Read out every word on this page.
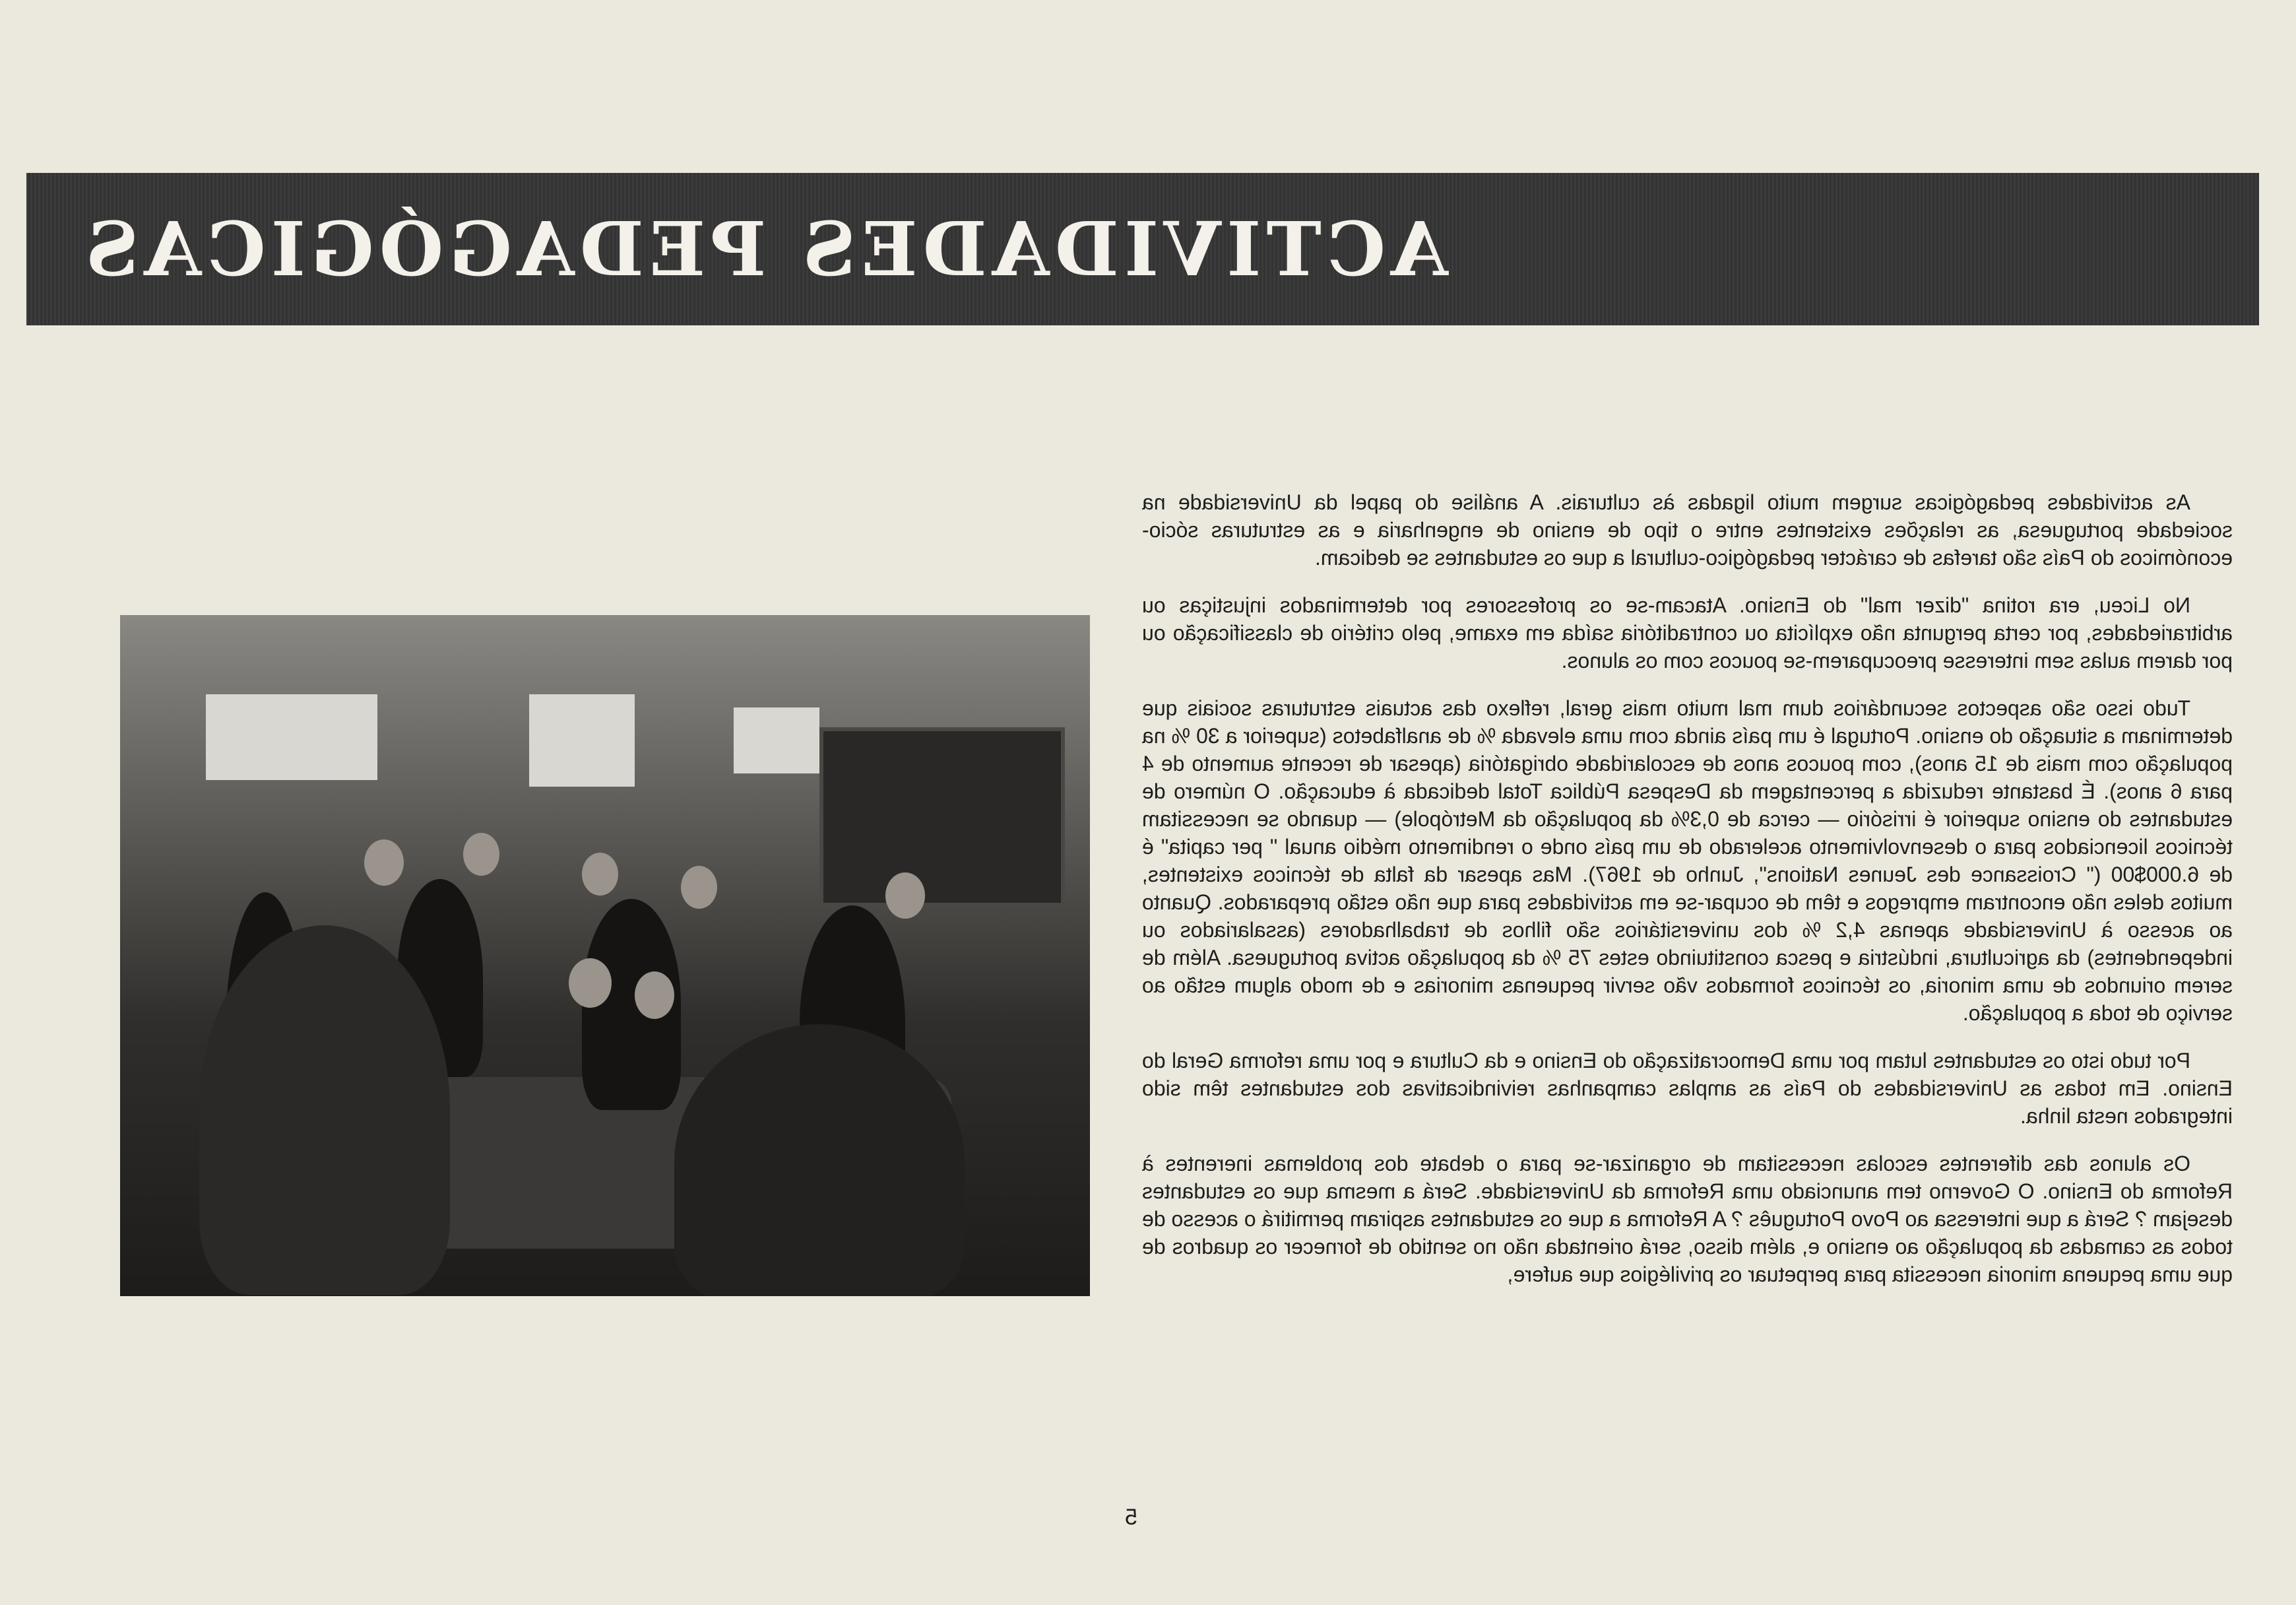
ACTIVIDADES PEDAGÓGICAS

As actividades pedagógicas surgem muito ligadas às culturais. A análise do papel da Universidade na sociedade portuguesa, as relações existentes entre o tipo de ensino de engenharia e as estruturas sócio-económicos do País são tarefas de carácter pedagógico-cultural a que os estudantes se dedicam.

No Liceu, era rotina "dizer mal" do Ensino. Atacam-se os professores por determinados injustiças ou arbitrariedades, por certa pergunta não explícita ou contraditória saída em exame, pelo critério de classificação ou por darem aulas sem interesse preocuparem-se poucos com os alunos.

Tudo isso são aspectos secundários dum mal muito mais geral, reflexo das actuais estruturas sociais que determinam a situação do ensino. Portugal é um país ainda com uma elevada % de analfabetos (superior a 30 % na população com mais de 15 anos), com poucos anos de escolaridade obrigatória (apesar de recente aumento de 4 para 6 anos). É bastante reduzida a percentagem da Despesa Pública Total dedicada à educação. O número de estudantes do ensino superior é irrisório — cerca de 0,3% da população da Metrópole) — quando se necessitam técnicos licenciados para o desenvolvimento acelerado de um país onde o rendimento médio anual " per capita" é de 6.000$00 (" Croissance des Jeunes Nations", Junho de 1967). Mas apesar da falta de técnicos existentes, muitos deles não encontram empregos e têm de ocupar-se em actividades para que não estão preparados. Quanto ao acesso à Universidade apenas 4,2 % dos universitários são filhos de trabalhadores (assalariados ou independentes) da agricultura, indústria e pesca constituindo estes 75 % da população activa portuguesa. Além de serem oriundos de uma minoria, os técnicos formados vão servir pequenas minorias e de modo algum estão ao serviço de toda a população.

Por tudo isto os estudantes lutam por uma Democratização do Ensino e da Cultura e por uma reforma Geral do Ensino. Em todas as Universidades do País as amplas campanhas reivindicativas dos estudantes têm sido integrados nesta linha.

Os alunos das diferentes escolas necessitam de organizar-se para o debate dos problemas inerentes à Reforma do Ensino. O Governo tem anunciado uma Reforma da Universidade. Será a mesma que os estudantes desejam ? Será a que interessa ao Povo Português ? A Reforma a que os estudantes aspiram permitirá o acesso de todos as camadas da população ao ensino e, além disso, será orientada não no sentido de fornecer os quadros de que uma pequena minoria necessita para perpetuar os privilégios que aufere,

5
